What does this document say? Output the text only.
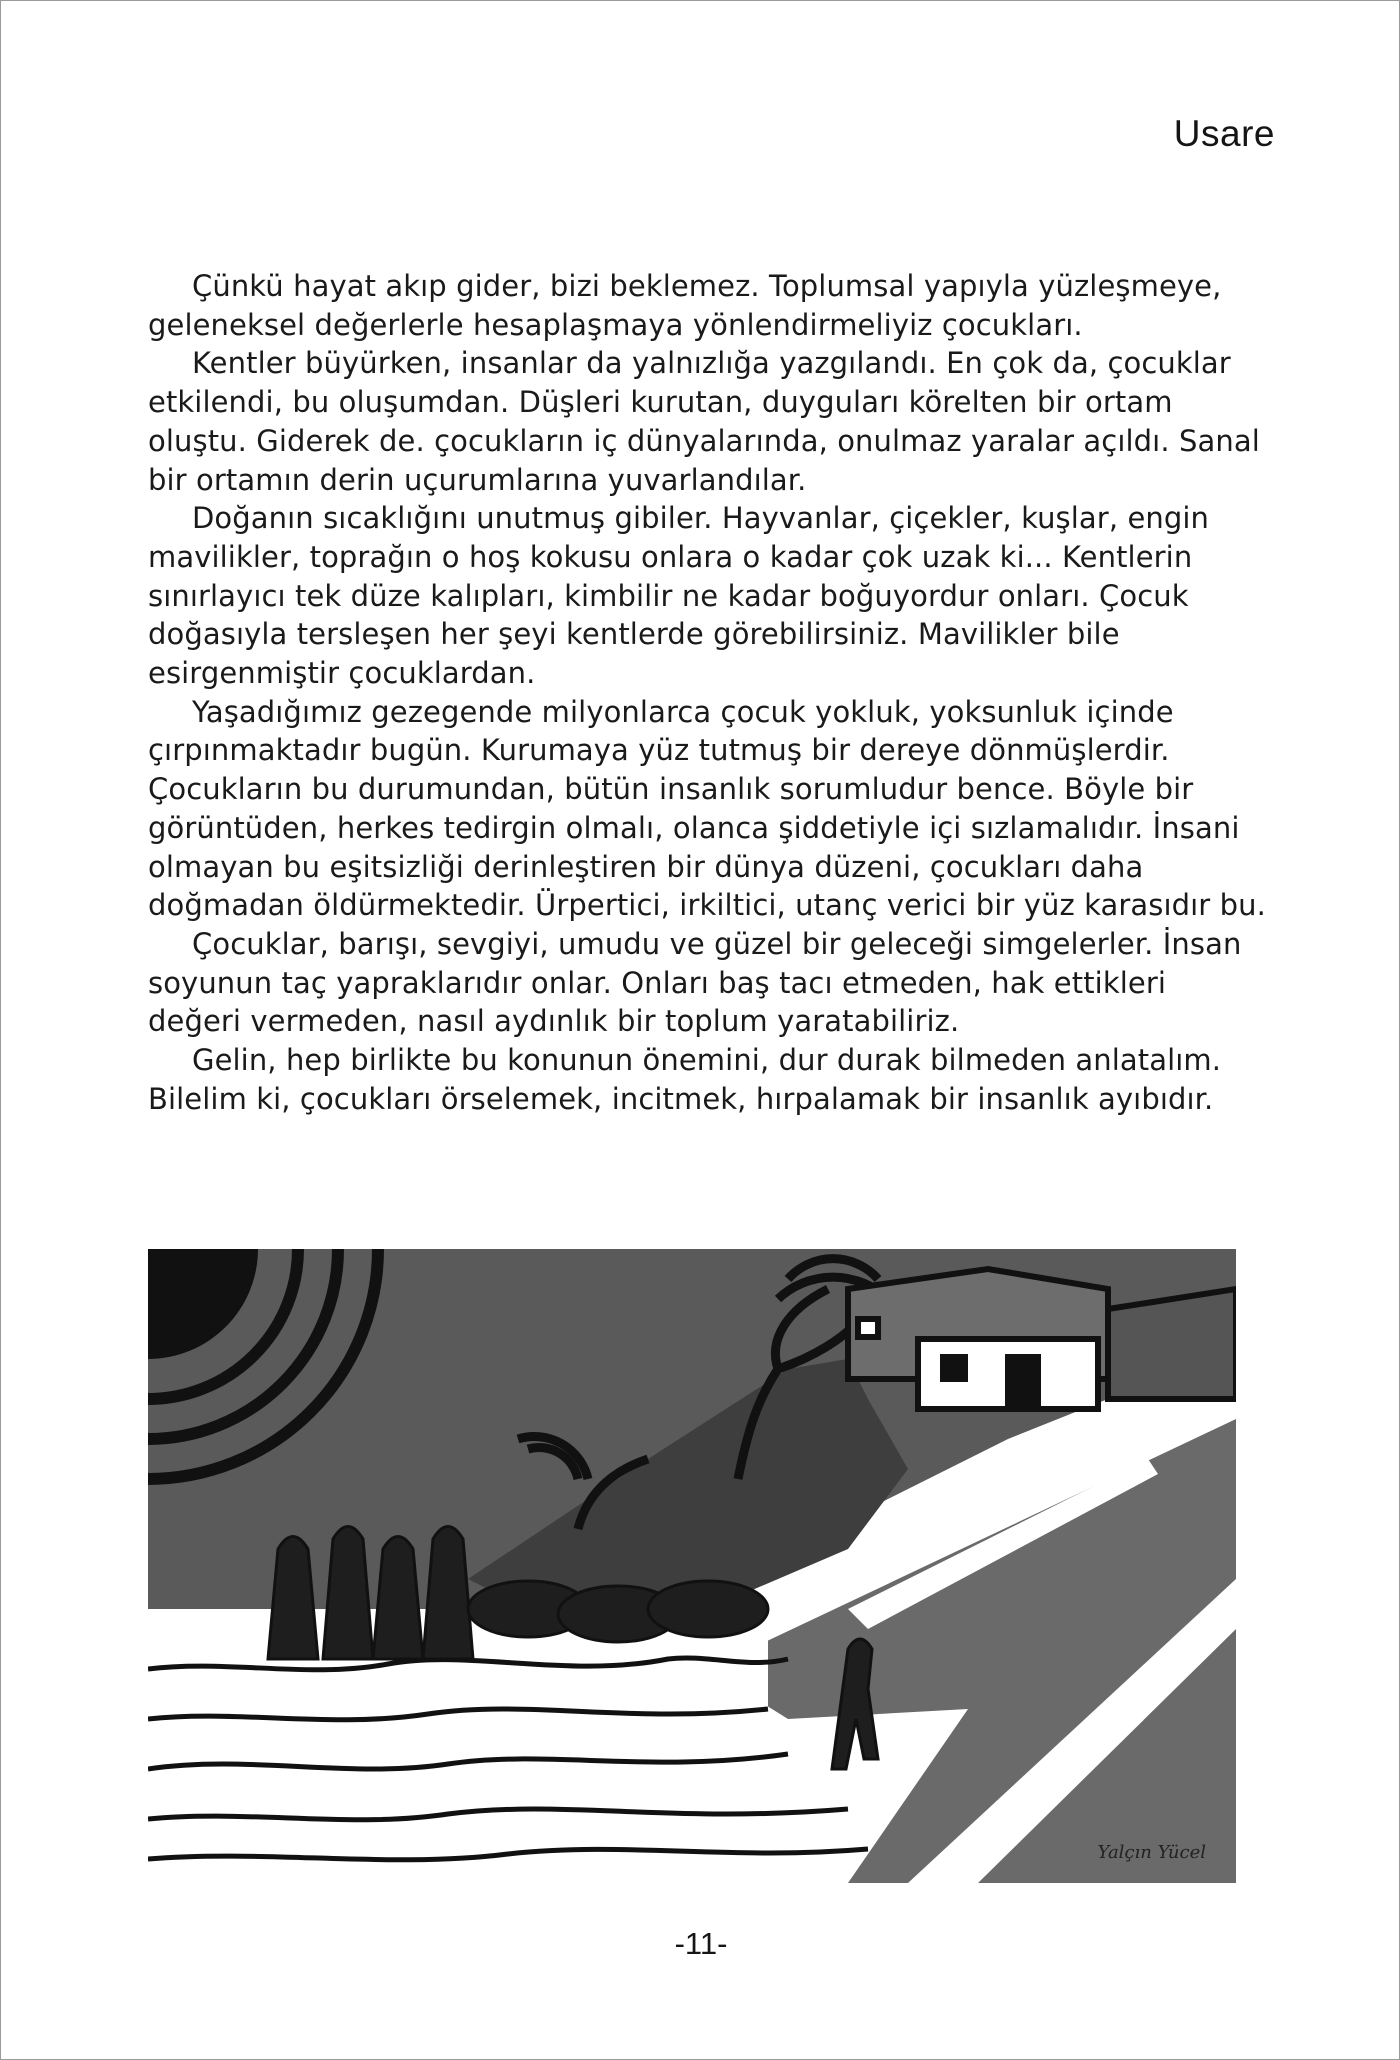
Usare

Çünkü hayat akıp gider, bizi beklemez. Toplumsal yapıyla yüzleşmeye, geleneksel değerlerle hesaplaşmaya yönlendirmeliyiz çocukları.

Kentler büyürken, insanlar da yalnızlığa yazgılandı. En çok da, çocuklar etkilendi, bu oluşumdan. Düşleri kurutan, duyguları körelten bir ortam oluştu. Giderek de. çocukların iç dünyalarında, onulmaz yaralar açıldı. Sanal bir ortamın derin uçurumlarına yuvarlandılar.

Doğanın sıcaklığını unutmuş gibiler. Hayvanlar, çiçekler, kuşlar, engin mavilikler, toprağın o hoş kokusu onlara o kadar çok uzak ki... Kentlerin sınırlayıcı tek düze kalıpları, kimbilir ne kadar boğuyordur onları. Çocuk doğasıyla tersleşen her şeyi kentlerde görebilirsiniz. Mavilikler bile esirgenmiştir çocuklardan.

Yaşadığımız gezegende milyonlarca çocuk yokluk, yoksunluk içinde çırpınmaktadır bugün. Kurumaya yüz tutmuş bir dereye dönmüşlerdir. Çocukların bu durumundan, bütün insanlık sorumludur bence. Böyle bir görüntüden, herkes tedirgin olmalı, olanca şiddetiyle içi sızlamalıdır. İnsani olmayan bu eşitsizliği derinleştiren bir dünya düzeni, çocukları daha doğmadan öldürmektedir. Ürpertici, irkiltici, utanç verici bir yüz karasıdır bu.

Çocuklar, barışı, sevgiyi, umudu ve güzel bir geleceği simgelerler. İnsan soyunun taç yapraklarıdır onlar. Onları baş tacı etmeden, hak ettikleri değeri vermeden, nasıl aydınlık bir toplum yaratabiliriz.

Gelin, hep birlikte bu konunun önemini, dur durak bilmeden anlatalım. Bilelim ki, çocukları örselemek, incitmek, hırpalamak bir insanlık ayıbıdır.

Yalçın Yücel
-11-
